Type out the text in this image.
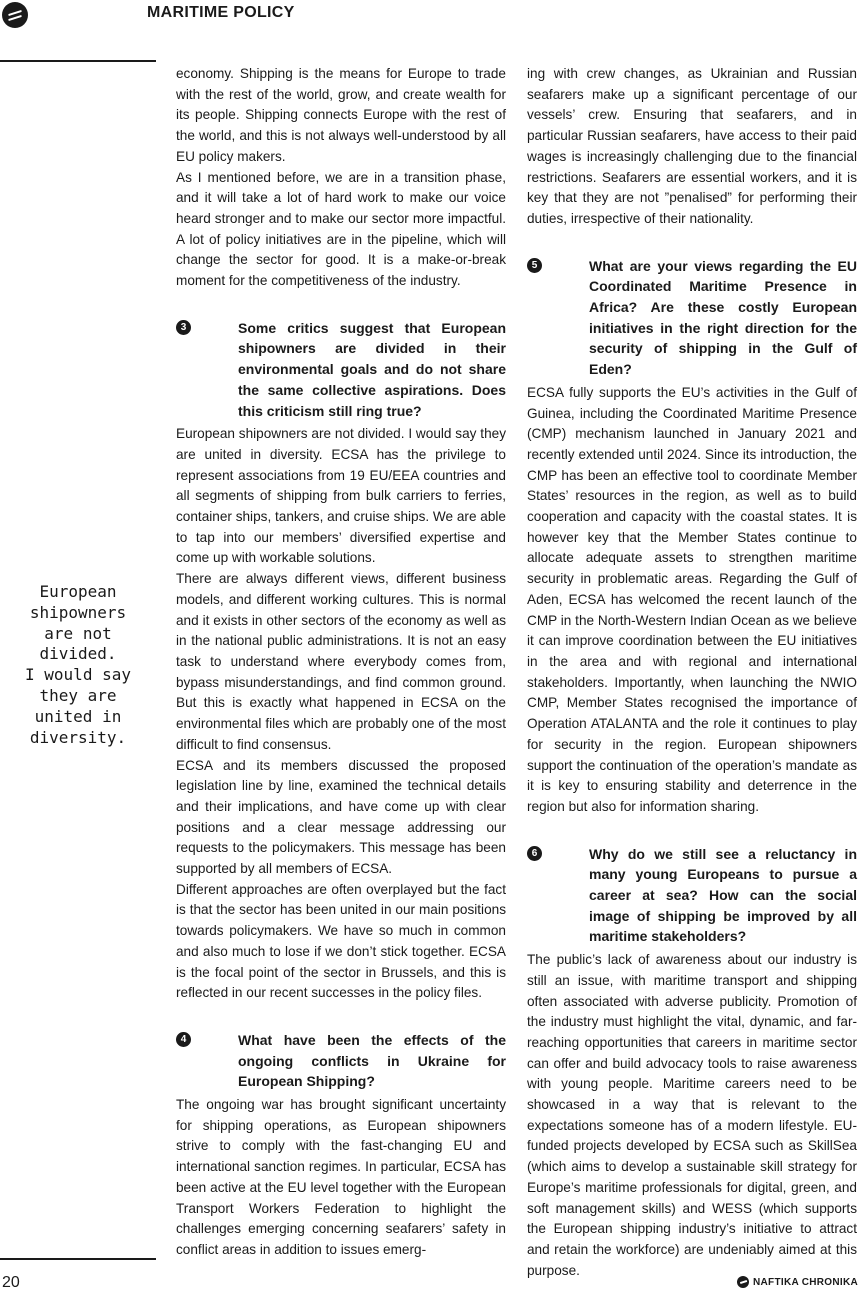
MARITIME POLICY
European
shipowners
are not
divided.
I would say
they are
united in
diversity.

economy. Shipping is the means for Europe to trade with the rest of the world, grow, and create wealth for its people. Shipping connects Europe with the rest of the world, and this is not always well-understood by all EU policy makers.

As I mentioned before, we are in a transition phase, and it will take a lot of hard work to make our voice heard stronger and to make our sector more impactful. A lot of policy initiatives are in the pipeline, which will change the sector for good. It is a make-or-break moment for the competitiveness of the industry.

3	Some critics suggest that European shipowners are divided in their environmental goals and do not share the same collective aspirations. Does this criticism still ring true?

European shipowners are not divided. I would say they are united in diversity. ECSA has the privilege to represent associations from 19 EU/EEA countries and all segments of shipping from bulk carriers to ferries, container ships, tankers, and cruise ships. We are able to tap into our members’ diversified expertise and come up with workable solutions.

There are always different views, different business models, and different working cultures. This is normal and it exists in other sectors of the economy as well as in the national public administrations. It is not an easy task to understand where everybody comes from, bypass misunderstandings, and find common ground. But this is exactly what happened in ECSA on the environmental files which are probably one of the most difficult to find consensus.

ECSA and its members discussed the proposed legislation line by line, examined the technical details and their implications, and have come up with clear positions and a clear message addressing our requests to the policymakers. This message has been supported by all members of ECSA.

Different approaches are often overplayed but the fact is that the sector has been united in our main positions towards policymakers. We have so much in common and also much to lose if we don’t stick together. ECSA is the focal point of the sector in Brussels, and this is reflected in our recent successes in the policy files.

4	What have been the effects of the ongoing conflicts in Ukraine for European Shipping?

The ongoing war has brought significant uncertainty for shipping operations, as European shipowners strive to comply with the fast-changing EU and international sanction regimes. In particular, ECSA has been active at the EU level together with the European Transport Workers Federation to highlight the challenges emerging concerning seafarers’ safety in conflict areas in addition to issues emerg-

ing with crew changes, as Ukrainian and Russian seafarers make up a significant percentage of our vessels’ crew. Ensuring that seafarers, and in particular Russian seafarers, have access to their paid wages is increasingly challenging due to the financial restrictions. Seafarers are essential workers, and it is key that they are not ”penalised” for performing their duties, irrespective of their nationality.

5	What are your views regarding the EU Coordinated Maritime Presence in Africa? Are these costly European initiatives in the right direction for the security of shipping in the Gulf of Eden?

ECSA fully supports the EU’s activities in the Gulf of Guinea, including the Coordinated Maritime Presence (CMP) mechanism launched in January 2021 and recently extended until 2024. Since its introduction, the CMP has been an effective tool to coordinate Member States’ resources in the region, as well as to build cooperation and capacity with the coastal states. It is however key that the Member States continue to allocate adequate assets to strengthen maritime security in problematic areas. Regarding the Gulf of Aden, ECSA has welcomed the recent launch of the CMP in the North-Western Indian Ocean as we believe it can improve coordination between the EU initiatives in the area and with regional and international stakeholders. Importantly, when launching the NWIO CMP, Member States recognised the importance of Operation ATALANTA and the role it continues to play for security in the region. European shipowners support the continuation of the operation’s mandate as it is key to ensuring stability and deterrence in the region but also for information sharing.

6	Why do we still see a reluctancy in many young Europeans to pursue a career at sea? How can the social image of shipping be improved by all maritime stakeholders?

The public’s lack of awareness about our industry is still an issue, with maritime transport and shipping often associated with adverse publicity. Promotion of the industry must highlight the vital, dynamic, and far-reaching opportunities that careers in maritime sector can offer and build advocacy tools to raise awareness with young people. Maritime careers need to be showcased in a way that is relevant to the expectations someone has of a modern lifestyle. EU-funded projects developed by ECSA such as SkillSea (which aims to develop a sustainable skill strategy for Europe’s maritime professionals for digital, green, and soft management skills) and WESS (which supports the European shipping industry’s initiative to attract and retain the workforce) are undeniably aimed at this purpose.

20	NAFTIKA CHRONIKA
